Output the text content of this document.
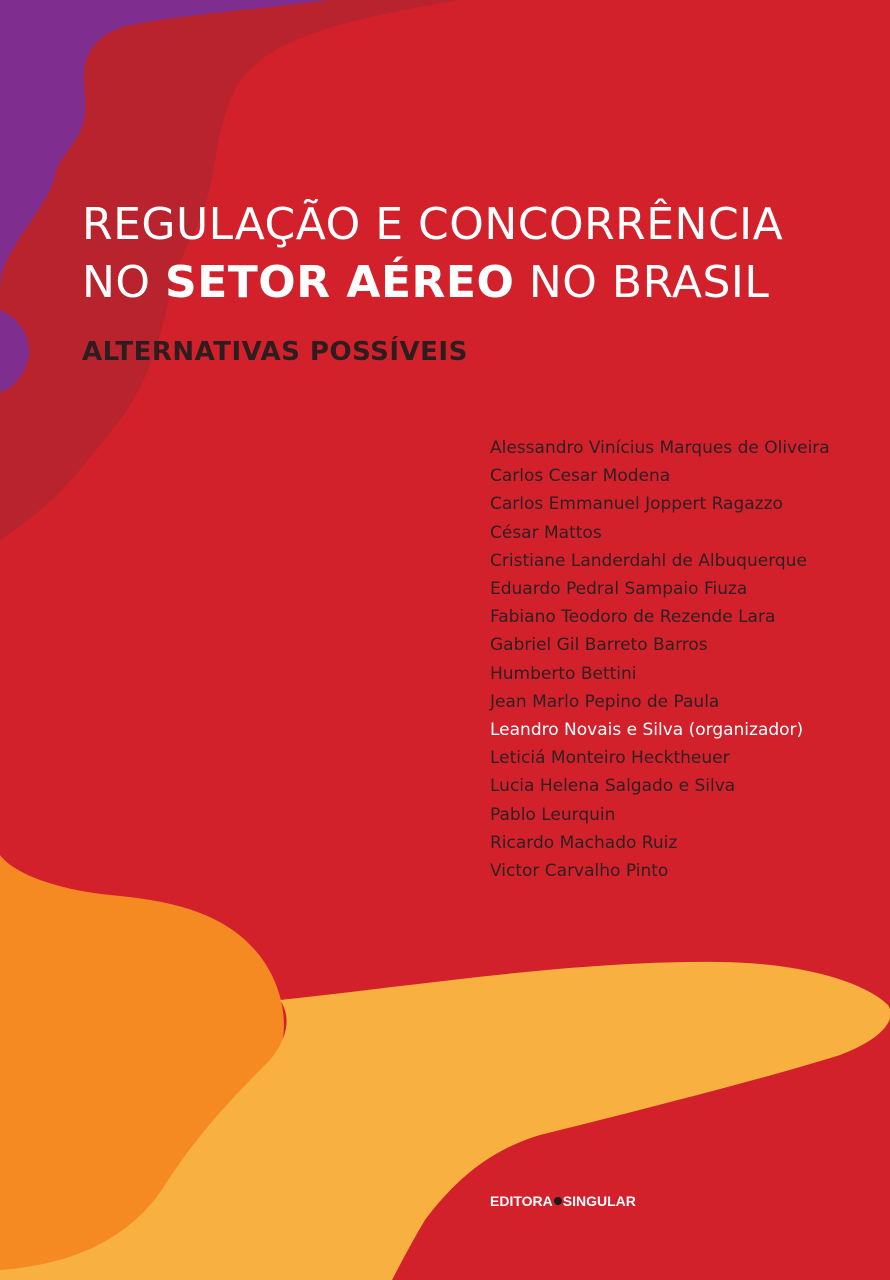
REGULAÇÃO E CONCORRÊNCIA
NO SETOR AÉREO NO BRASIL
ALTERNATIVAS POSSÍVEIS
Alessandro Vinícius Marques de Oliveira
Carlos Cesar Modena
Carlos Emmanuel Joppert Ragazzo
César Mattos
Cristiane Landerdahl de Albuquerque
Eduardo Pedral Sampaio Fiuza
Fabiano Teodoro de Rezende Lara
Gabriel Gil Barreto Barros
Humberto Bettini
Jean Marlo Pepino de Paula
Leandro Novais e Silva (organizador)
Leticiá Monteiro Hecktheuer
Lucia Helena Salgado e Silva
Pablo Leurquin
Ricardo Machado Ruiz
Victor Carvalho Pinto
EDITORA SINGULAR
